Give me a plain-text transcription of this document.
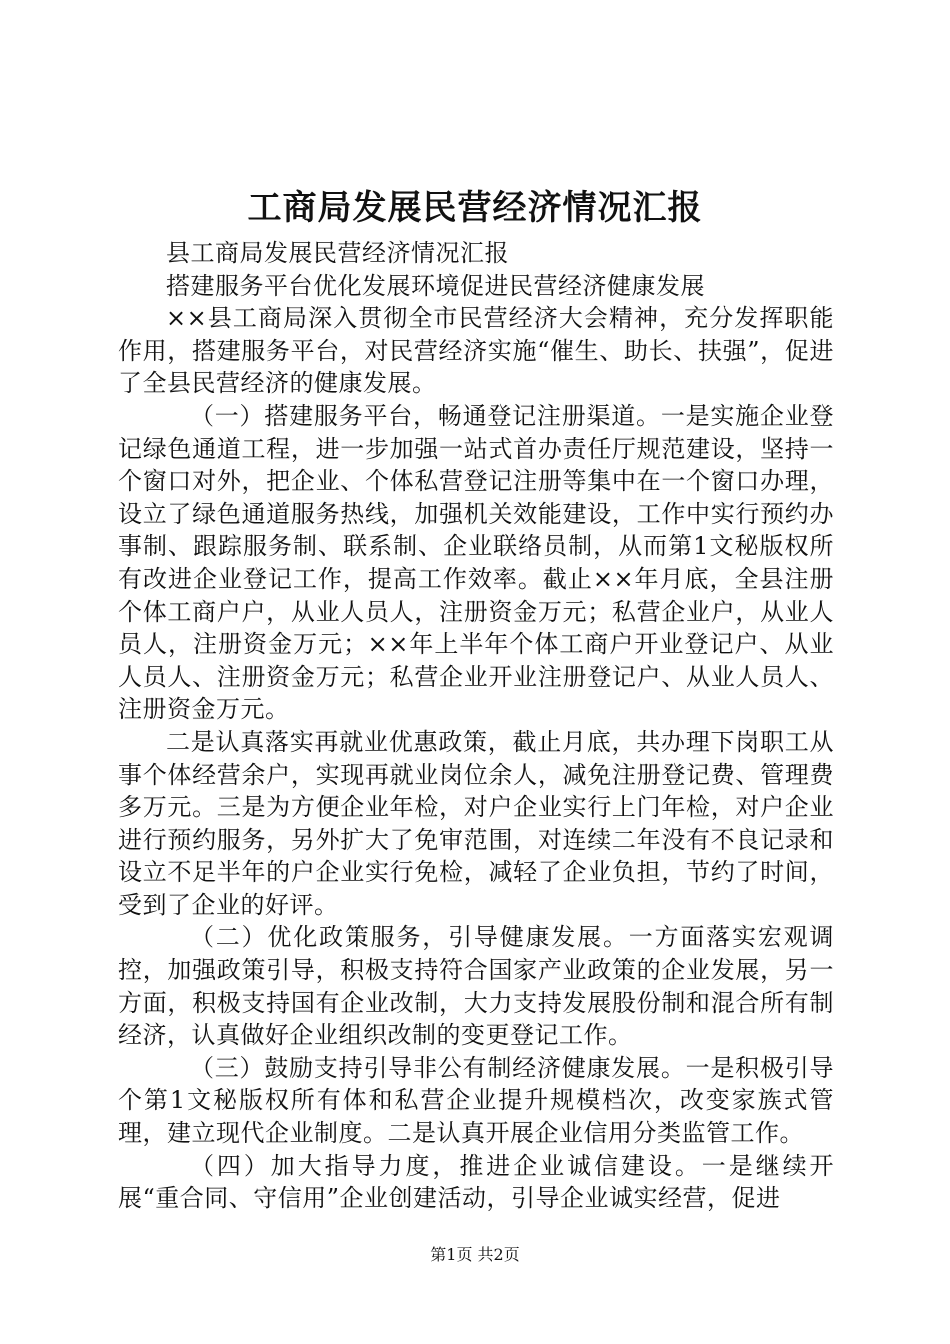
工商局发展民营经济情况汇报

县工商局发展民营经济情况汇报

搭建服务平台优化发展环境促进民营经济健康发展

××县工商局深入贯彻全市民营经济大会精神，充分发挥职能作用，搭建服务平台，对民营经济实施“催生、助长、扶强”，促进了全县民营经济的健康发展。

（一）搭建服务平台，畅通登记注册渠道。一是实施企业登记绿色通道工程，进一步加强一站式首办责任厅规范建设，坚持一个窗口对外，把企业、个体私营登记注册等集中在一个窗口办理，设立了绿色通道服务热线，加强机关效能建设，工作中实行预约办事制、跟踪服务制、联系制、企业联络员制，从而第1文秘版权所有改进企业登记工作，提高工作效率。截止××年月底，全县注册个体工商户户，从业人员人，注册资金万元；私营企业户，从业人员人，注册资金万元；××年上半年个体工商户开业登记户、从业人员人、注册资金万元；私营企业开业注册登记户、从业人员人、注册资金万元。

二是认真落实再就业优惠政策，截止月底，共办理下岗职工从事个体经营余户，实现再就业岗位余人，减免注册登记费、管理费多万元。三是为方便企业年检，对户企业实行上门年检，对户企业进行预约服务，另外扩大了免审范围，对连续二年没有不良记录和设立不足半年的户企业实行免检，减轻了企业负担，节约了时间，受到了企业的好评。

（二）优化政策服务，引导健康发展。一方面落实宏观调控，加强政策引导，积极支持符合国家产业政策的企业发展，另一方面，积极支持国有企业改制，大力支持发展股份制和混合所有制经济，认真做好企业组织改制的变更登记工作。

（三）鼓励支持引导非公有制经济健康发展。一是积极引导个第1文秘版权所有体和私营企业提升规模档次，改变家族式管理，建立现代企业制度。二是认真开展企业信用分类监管工作。

（四）加大指导力度，推进企业诚信建设。一是继续开展“重合同、守信用”企业创建活动，引导企业诚实经营，促进

第1页 共2页
